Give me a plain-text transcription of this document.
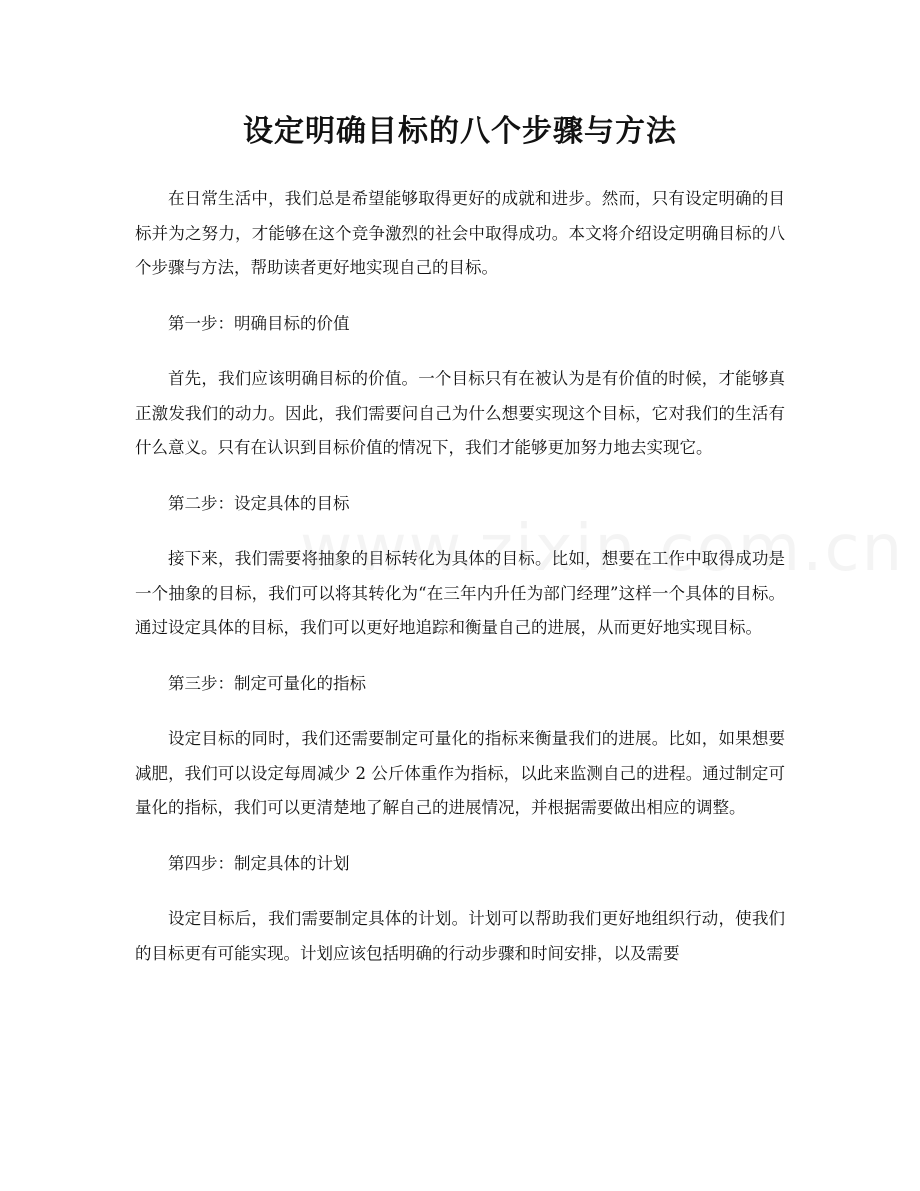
设定明确目标的八个步骤与方法

在日常生活中，我们总是希望能够取得更好的成就和进步。然而，只有设定明确的目标并为之努力，才能够在这个竞争激烈的社会中取得成功。本文将介绍设定明确目标的八个步骤与方法，帮助读者更好地实现自己的目标。

第一步：明确目标的价值

首先，我们应该明确目标的价值。一个目标只有在被认为是有价值的时候，才能够真正激发我们的动力。因此，我们需要问自己为什么想要实现这个目标，它对我们的生活有什么意义。只有在认识到目标价值的情况下，我们才能够更加努力地去实现它。

第二步：设定具体的目标

接下来，我们需要将抽象的目标转化为具体的目标。比如，想要在工作中取得成功是一个抽象的目标，我们可以将其转化为“在三年内升任为部门经理”这样一个具体的目标。通过设定具体的目标，我们可以更好地追踪和衡量自己的进展，从而更好地实现目标。

第三步：制定可量化的指标

设定目标的同时，我们还需要制定可量化的指标来衡量我们的进展。比如，如果想要减肥，我们可以设定每周减少 2 公斤体重作为指标，以此来监测自己的进程。通过制定可量化的指标，我们可以更清楚地了解自己的进展情况，并根据需要做出相应的调整。

第四步：制定具体的计划

设定目标后，我们需要制定具体的计划。计划可以帮助我们更好地组织行动，使我们的目标更有可能实现。计划应该包括明确的行动步骤和时间安排，以及需要
